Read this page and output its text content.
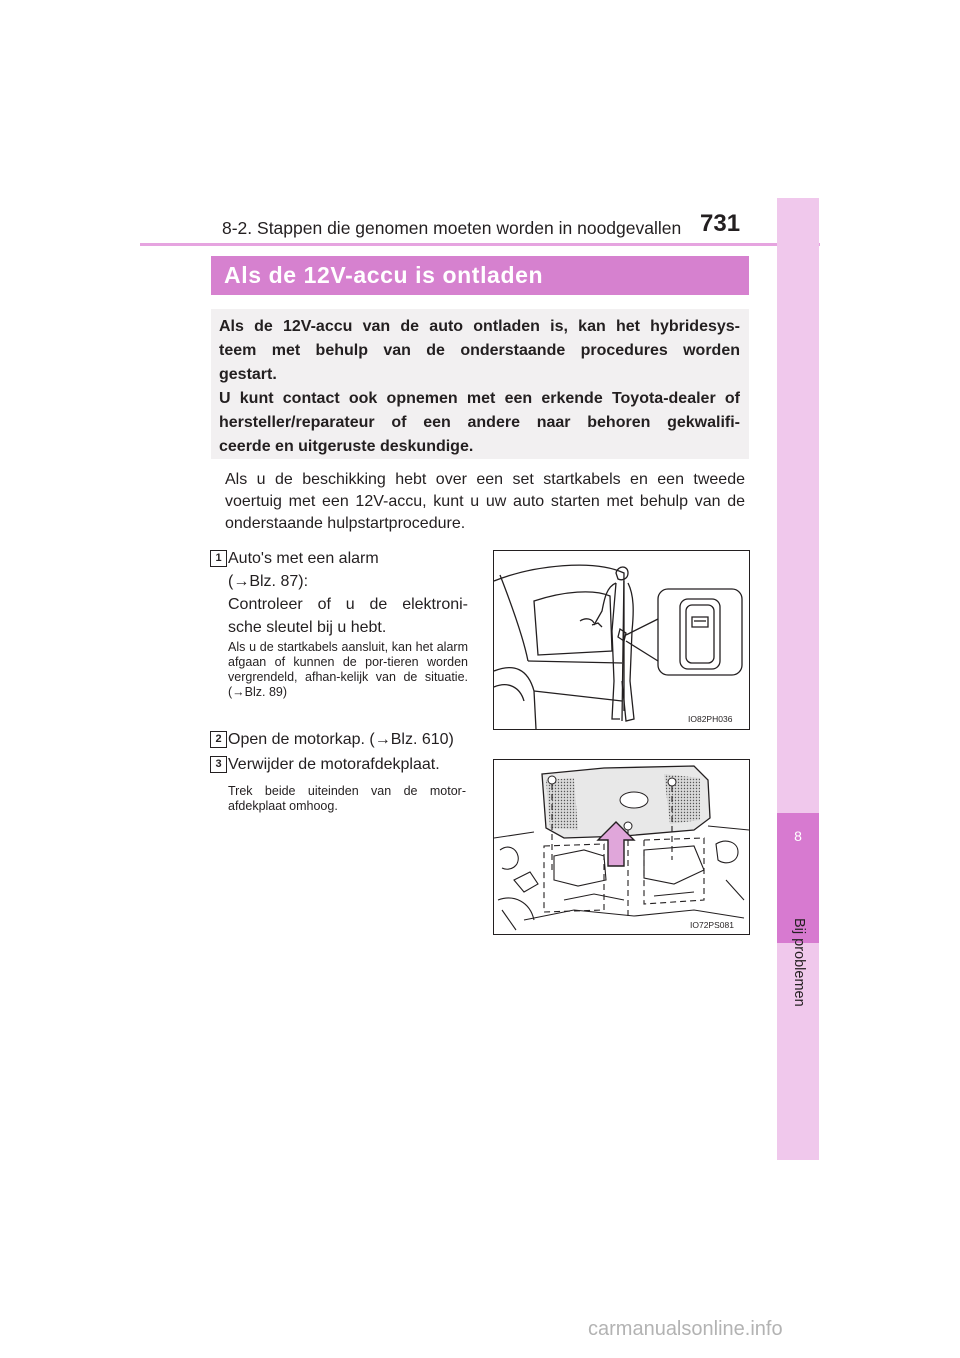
8-2. Stappen die genomen moeten worden in noodgevallen 731
8
Bij problemen
Als de 12V-accu is ontladen
Als de 12V-accu van de auto ontladen is, kan het hybridesys-
teem met behulp van de onderstaande procedures worden
gestart.
U kunt contact ook opnemen met een erkende Toyota-dealer of
hersteller/reparateur of een andere naar behoren gekwalifi-
ceerde en uitgeruste deskundige.
Als u de beschikking hebt over een set startkabels en een tweede voertuig met een 12V-accu, kunt u uw auto starten met behulp van de onderstaande hulpstartprocedure.
1 Auto's met een alarm
(→Blz. 87):
Controleer of u de elektroni-
sche sleutel bij u hebt.
Als u de startkabels aansluit, kan het alarm afgaan of kunnen de por-tieren worden vergrendeld, afhan-kelijk van de situatie. (→Blz. 89)
IO82PH036
2 Open de motorkap. (→Blz. 610)
3 Verwijder de motorafdekplaat.
Trek beide uiteinden van de motor-afdekplaat omhoog.
IO72PS081
carmanualsonline.info
